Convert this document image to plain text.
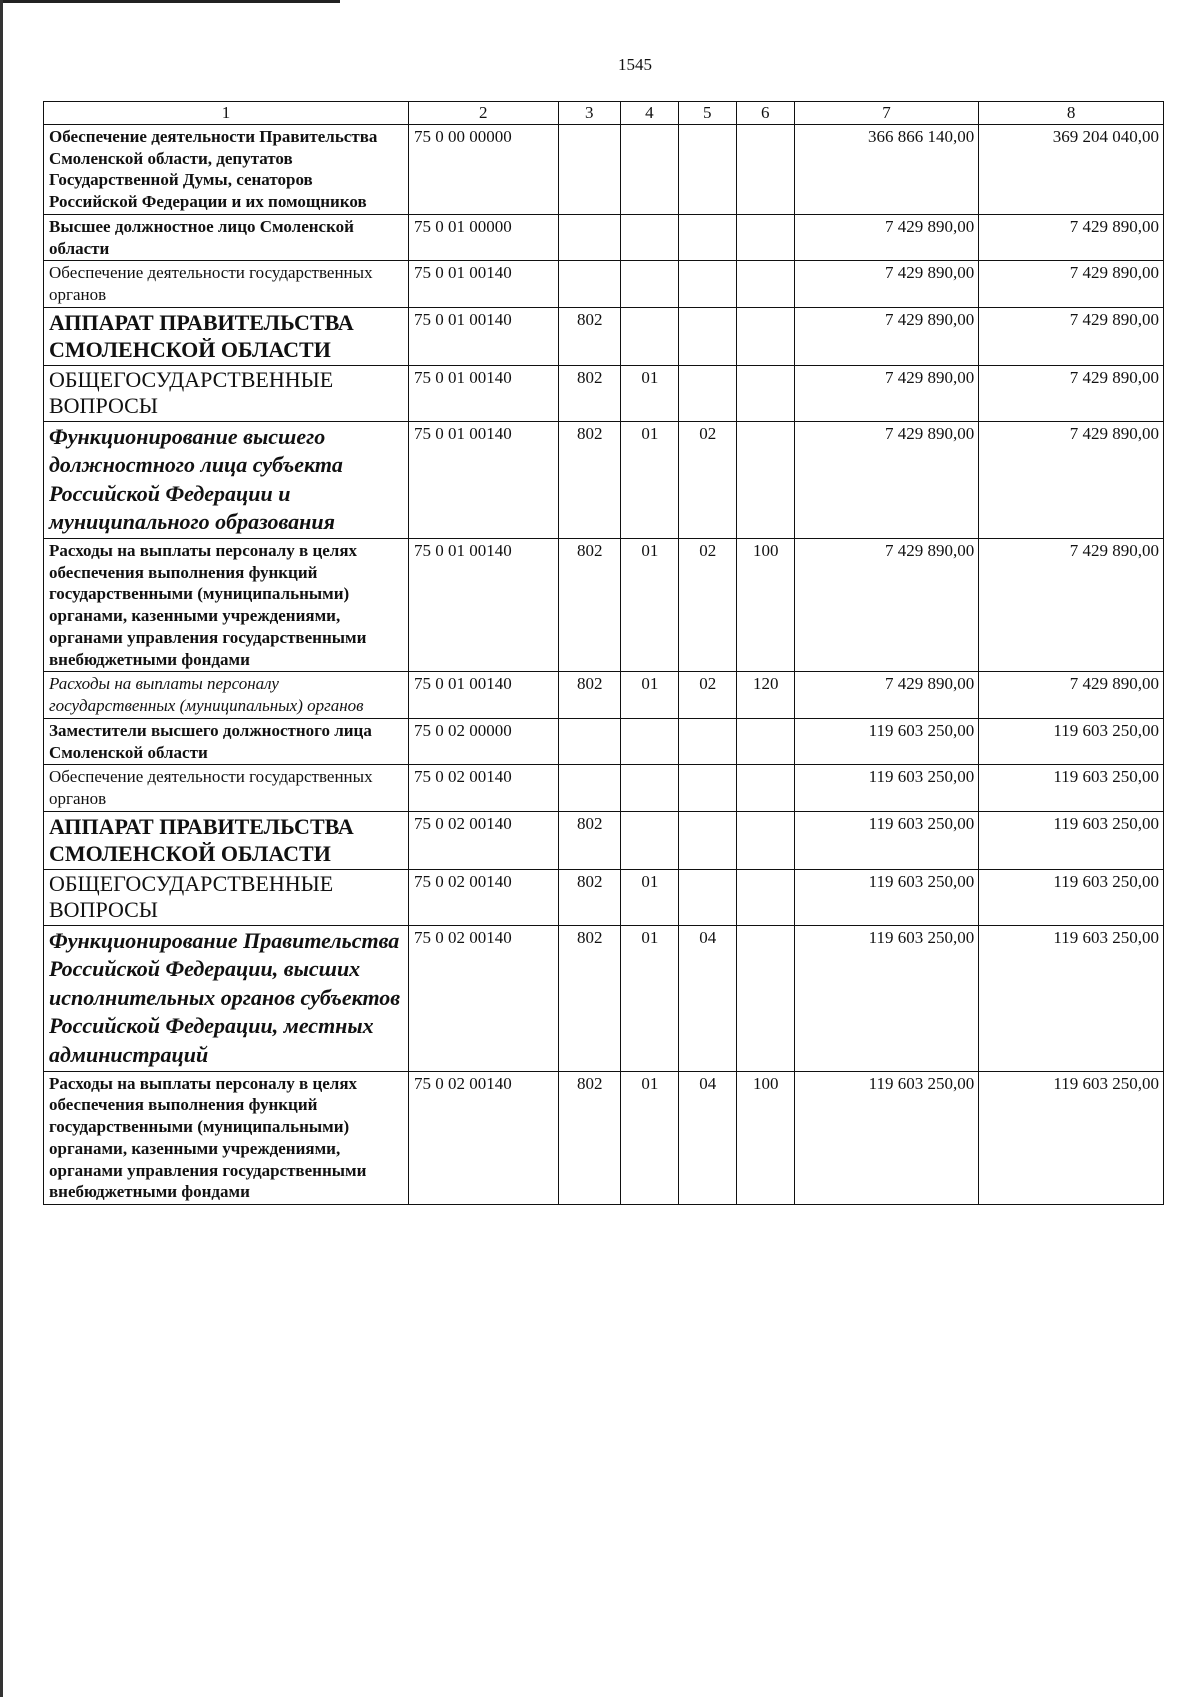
1545
1	2	3	4	5	6	7	8
Обеспечение деятельности Правительства Смоленской области, депутатов Государственной Думы, сенаторов Российской Федерации и их помощников	75 0 00 00000					366 866 140,00	369 204 040,00
Высшее должностное лицо Смоленской области	75 0 01 00000					7 429 890,00	7 429 890,00
Обеспечение деятельности государственных органов	75 0 01 00140					7 429 890,00	7 429 890,00
АППАРАТ ПРАВИТЕЛЬСТВА СМОЛЕНСКОЙ ОБЛАСТИ	75 0 01 00140	802				7 429 890,00	7 429 890,00
ОБЩЕГОСУДАРСТВЕННЫЕ ВОПРОСЫ	75 0 01 00140	802	01			7 429 890,00	7 429 890,00
Функционирование высшего должностного лица субъекта Российской Федерации и муниципального образования	75 0 01 00140	802	01	02		7 429 890,00	7 429 890,00
Расходы на выплаты персоналу в целях обеспечения выполнения функций государственными (муниципальными) органами, казенными учреждениями, органами управления государственными внебюджетными фондами	75 0 01 00140	802	01	02	100	7 429 890,00	7 429 890,00
Расходы на выплаты персоналу государственных (муниципальных) органов	75 0 01 00140	802	01	02	120	7 429 890,00	7 429 890,00
Заместители высшего должностного лица Смоленской области	75 0 02 00000					119 603 250,00	119 603 250,00
Обеспечение деятельности государственных органов	75 0 02 00140					119 603 250,00	119 603 250,00
АППАРАТ ПРАВИТЕЛЬСТВА СМОЛЕНСКОЙ ОБЛАСТИ	75 0 02 00140	802				119 603 250,00	119 603 250,00
ОБЩЕГОСУДАРСТВЕННЫЕ ВОПРОСЫ	75 0 02 00140	802	01			119 603 250,00	119 603 250,00
Функционирование Правительства Российской Федерации, высших исполнительных органов субъектов Российской Федерации, местных администраций	75 0 02 00140	802	01	04		119 603 250,00	119 603 250,00
Расходы на выплаты персоналу в целях обеспечения выполнения функций государственными (муниципальными) органами, казенными учреждениями, органами управления государственными внебюджетными фондами	75 0 02 00140	802	01	04	100	119 603 250,00	119 603 250,00
